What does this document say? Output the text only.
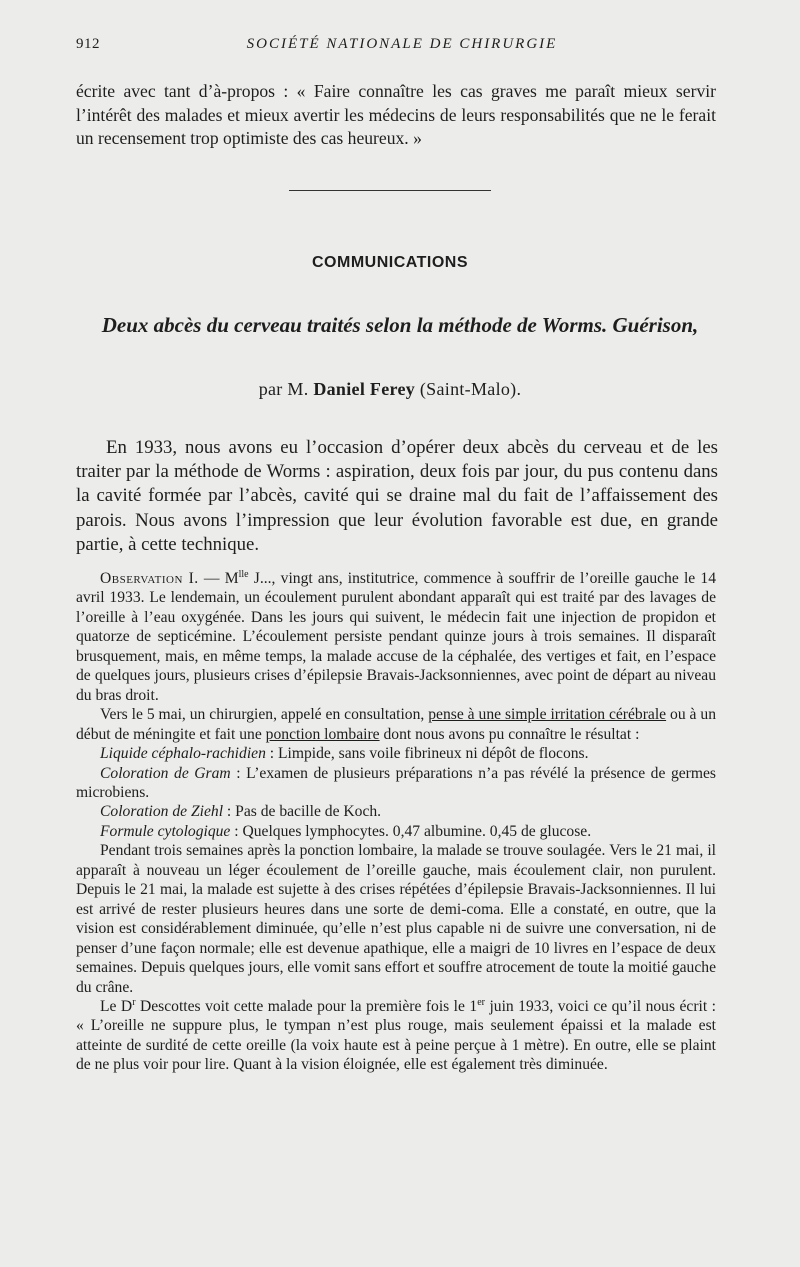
912	SOCIÉTÉ NATIONALE DE CHIRURGIE
écrite avec tant d’à-propos : « Faire connaître les cas graves me paraît mieux servir l’intérêt des malades et mieux avertir les médecins de leurs responsabilités que ne le ferait un recensement trop optimiste des cas heureux. »
COMMUNICATIONS
Deux abcès du cerveau traités selon la méthode de Worms. Guérison,
par M. Daniel Ferey (Saint-Malo).

En 1933, nous avons eu l’occasion d’opérer deux abcès du cerveau et de les traiter par la méthode de Worms : aspiration, deux fois par jour, du pus contenu dans la cavité formée par l’abcès, cavité qui se draine mal du fait de l’affaissement des parois. Nous avons l’impression que leur évolution favorable est due, en grande partie, à cette technique.

Observation I. — $M^{lle}$ J..., vingt ans, institutrice, commence à souffrir de l’oreille gauche le 14 avril 1933. Le lendemain, un écoulement purulent abondant apparaît qui est traité par des lavages de l’oreille à l’eau oxygénée. Dans les jours qui suivent, le médecin fait une injection de propidon et quatorze de septicémine. L’écoulement persiste pendant quinze jours à trois semaines. Il disparaît brusquement, mais, en même temps, la malade accuse de la céphalée, des vertiges et fait, en l’espace de quelques jours, plusieurs crises d’épilepsie Bravais-Jacksonniennes, avec point de départ au niveau du bras droit.

Vers le 5 mai, un chirurgien, appelé en consultation, pense à une simple irritation cérébrale ou à un début de méningite et fait une ponction lombaire dont nous avons pu connaître le résultat :

Liquide céphalo-rachidien : Limpide, sans voile fibrineux ni dépôt de flocons.

Coloration de Gram : L’examen de plusieurs préparations n’a pas révélé la présence de germes microbiens.

Coloration de Ziehl : Pas de bacille de Koch.

Formule cytologique : Quelques lymphocytes. 0,47 albumine. 0,45 de glucose.

Pendant trois semaines après la ponction lombaire, la malade se trouve soulagée. Vers le 21 mai, il apparaît à nouveau un léger écoulement de l’oreille gauche, mais écoulement clair, non purulent. Depuis le 21 mai, la malade est sujette à des crises répétées d’épilepsie Bravais-Jacksonniennes. Il lui est arrivé de rester plusieurs heures dans une sorte de demi-coma. Elle a constaté, en outre, que la vision est considérablement diminuée, qu’elle n’est plus capable ni de suivre une conversation, ni de penser d’une façon normale; elle est devenue apathique, elle a maigri de 10 livres en l’espace de deux semaines. Depuis quelques jours, elle vomit sans effort et souffre atrocement de toute la moitié gauche du crâne.

Le $D^r$ Descottes voit cette malade pour la première fois le 1er juin 1933, voici ce qu’il nous écrit : « L’oreille ne suppure plus, le tympan n’est plus rouge, mais seulement épaissi et la malade est atteinte de surdité de cette oreille (la voix haute est à peine perçue à 1 mètre). En outre, elle se plaint de ne plus voir pour lire. Quant à la vision éloignée, elle est également très diminuée.
